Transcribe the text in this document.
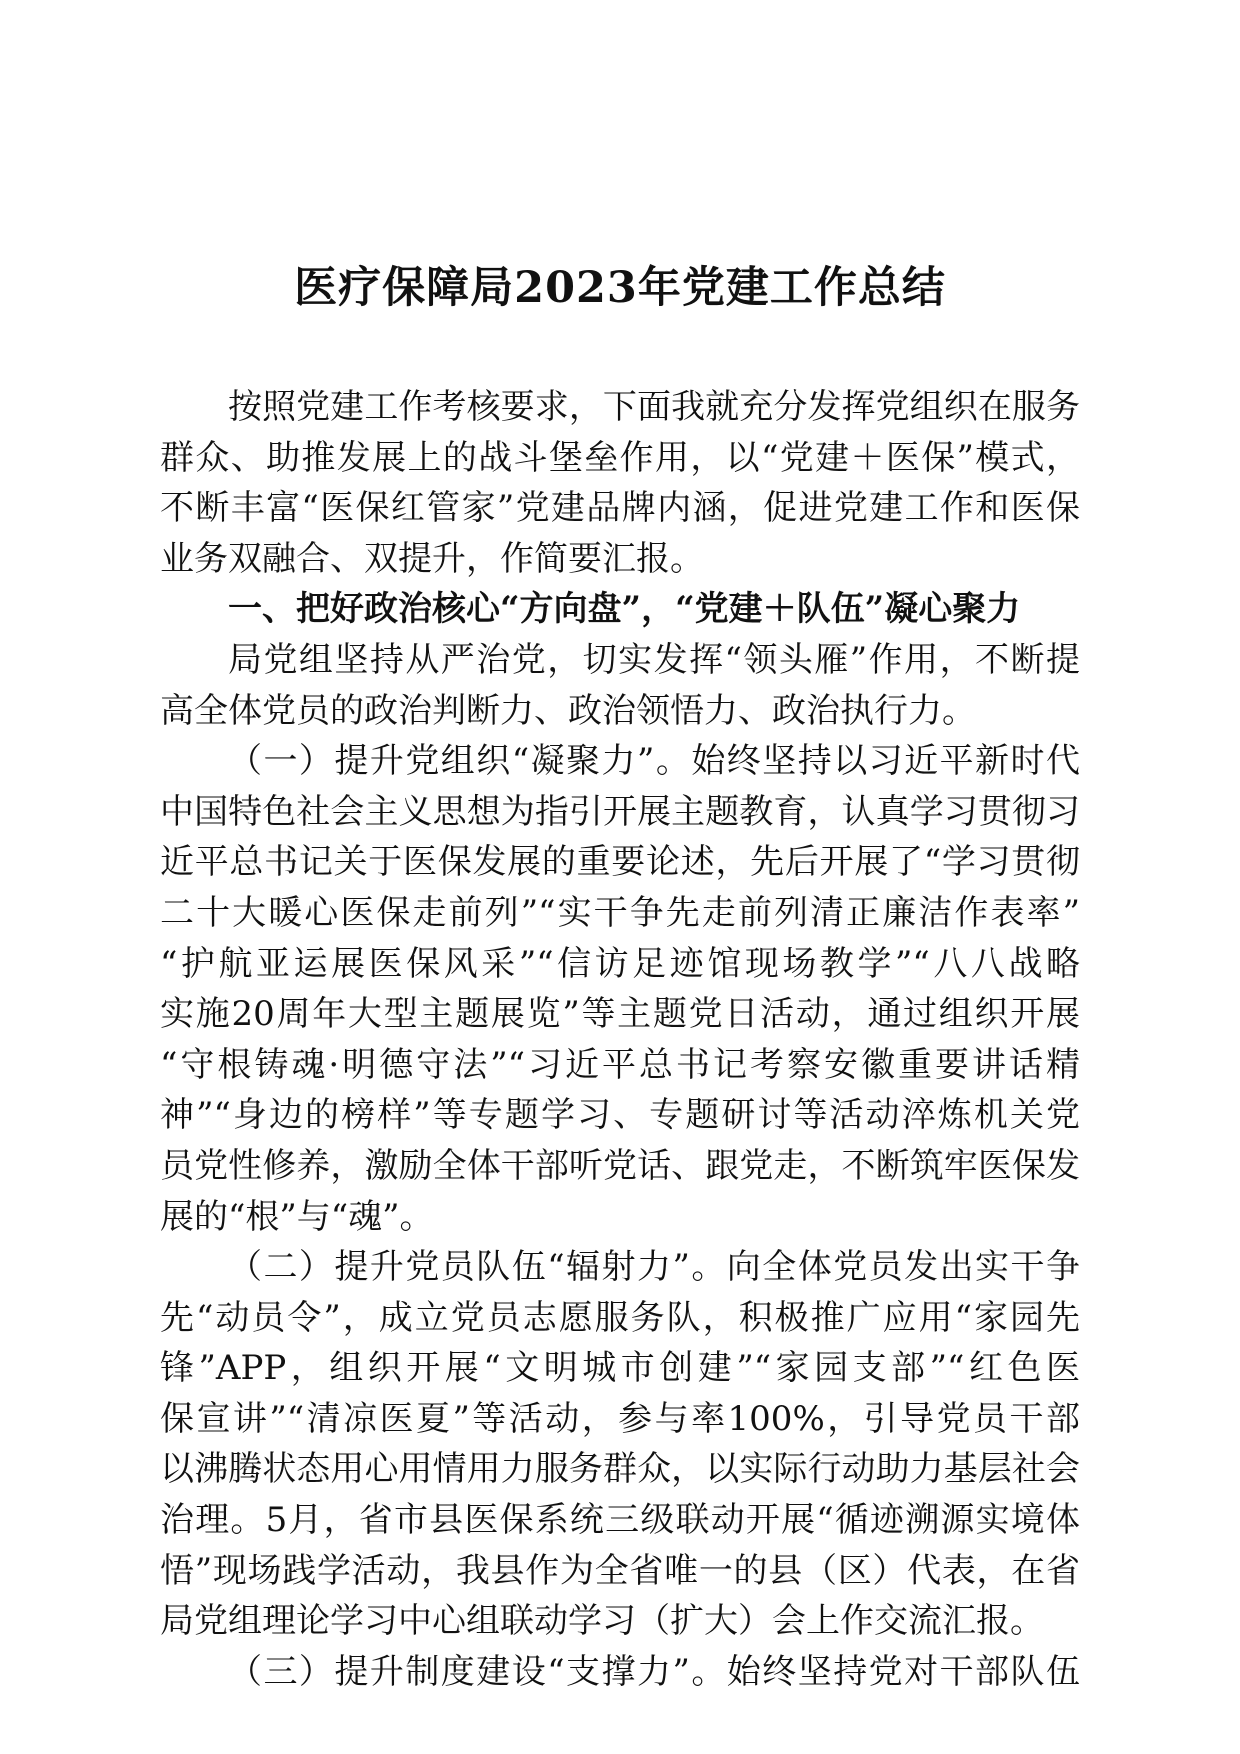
医疗保障局2023年党建工作总结
按照党建工作考核要求，下面我就充分发挥党组织在服务
群众、助推发展上的战斗堡垒作用，以“党建＋医保”模式，
不断丰富“医保红管家”党建品牌内涵，促进党建工作和医保
业务双融合、双提升，作简要汇报。
一、把好政治核心“方向盘”，“党建＋队伍”凝心聚力
局党组坚持从严治党，切实发挥“领头雁”作用，不断提
高全体党员的政治判断力、政治领悟力、政治执行力。
（一）提升党组织“凝聚力”。始终坚持以习近平新时代
中国特色社会主义思想为指引开展主题教育，认真学习贯彻习
近平总书记关于医保发展的重要论述，先后开展了“学习贯彻
二十大暖心医保走前列”“实干争先走前列清正廉洁作表率”
“护航亚运展医保风采”“信访足迹馆现场教学”“八八战略
实施20周年大型主题展览”等主题党日活动，通过组织开展
“守根铸魂·明德守法”“习近平总书记考察安徽重要讲话精
神”“身边的榜样”等专题学习、专题研讨等活动淬炼机关党
员党性修养，激励全体干部听党话、跟党走，不断筑牢医保发
展的“根”与“魂”。
（二）提升党员队伍“辐射力”。向全体党员发出实干争
先“动员令”，成立党员志愿服务队，积极推广应用“家园先
锋”APP，组织开展“文明城市创建”“家园支部”“红色医
保宣讲”“清凉医夏”等活动，参与率100%，引导党员干部
以沸腾状态用心用情用力服务群众，以实际行动助力基层社会
治理。5月，省市县医保系统三级联动开展“循迹溯源实境体
悟”现场践学活动，我县作为全省唯一的县（区）代表，在省
局党组理论学习中心组联动学习（扩大）会上作交流汇报。
（三）提升制度建设“支撑力”。始终坚持党对干部队伍
